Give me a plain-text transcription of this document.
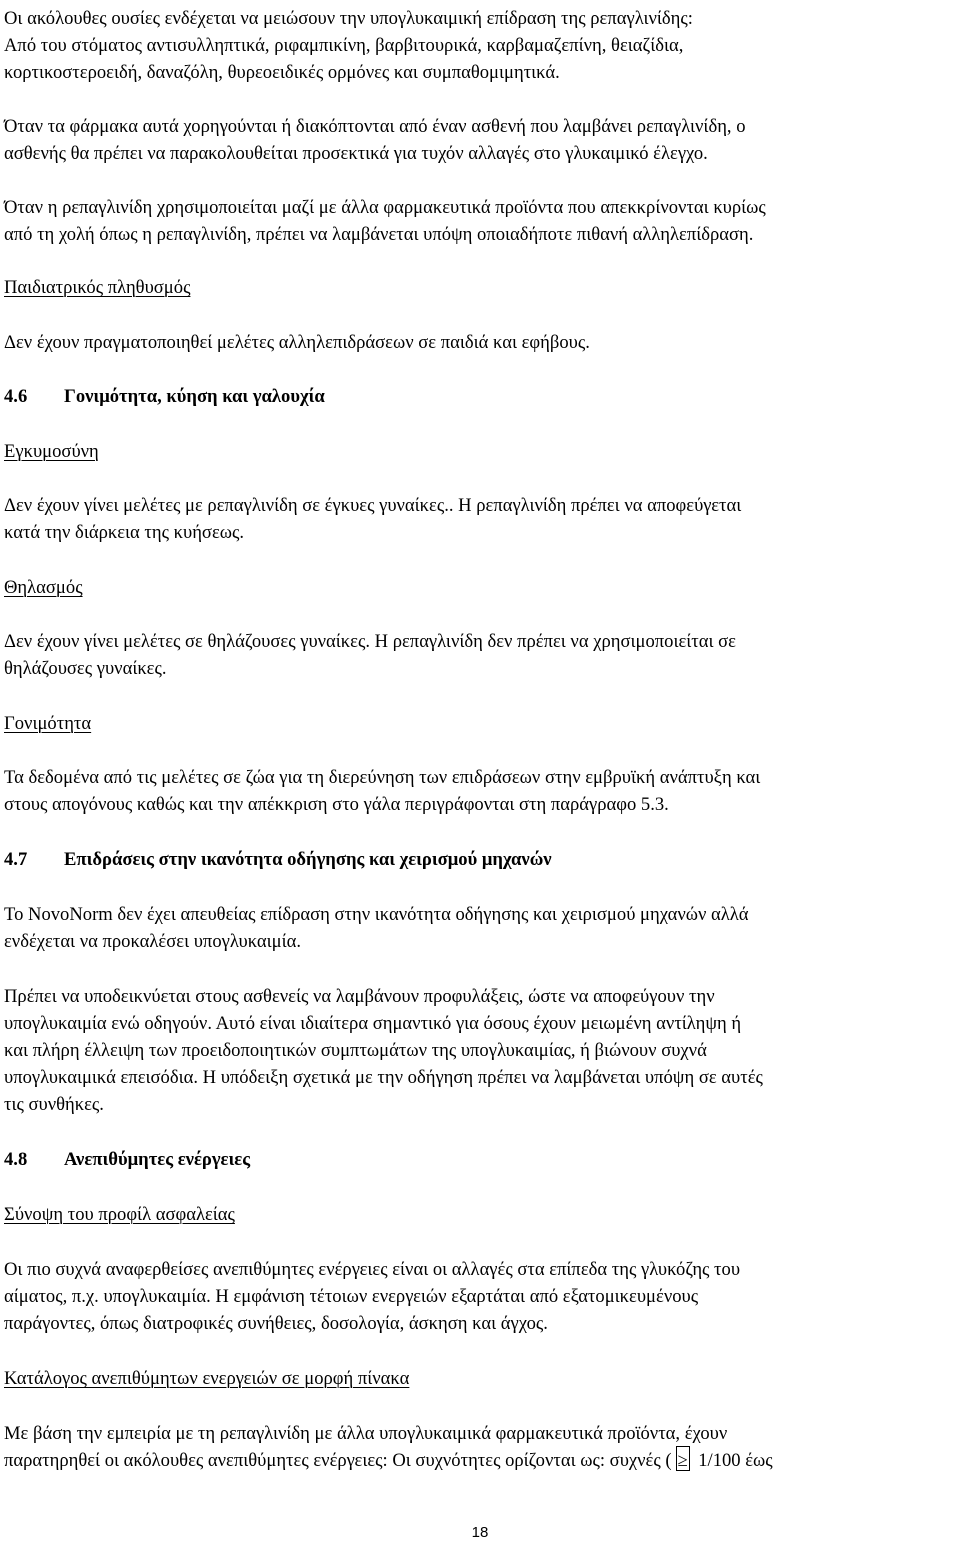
Οι ακόλουθες ουσίες ενδέχεται να μειώσουν την υπογλυκαιμική επίδραση της ρεπαγλινίδης:

Από του στόματος αντισυλληπτικά, ριφαμπικίνη, βαρβιτουρικά, καρβαμαζεπίνη, θειαζίδια,

κορτικοστεροειδή, δαναζόλη, θυρεοειδικές ορμόνες και συμπαθομιμητικά.

Όταν τα φάρμακα αυτά χορηγούνται ή διακόπτονται από έναν ασθενή που λαμβάνει ρεπαγλινίδη, ο

ασθενής θα πρέπει να παρακολουθείται προσεκτικά για τυχόν αλλαγές στο γλυκαιμικό έλεγχο.

Όταν η ρεπαγλινίδη χρησιμοποιείται μαζί με άλλα φαρμακευτικά προϊόντα που απεκκρίνονται κυρίως

από τη χολή όπως η ρεπαγλινίδη, πρέπει να λαμβάνεται υπόψη οποιαδήποτε πιθανή αλληλεπίδραση.

Παιδιατρικός πληθυσμός

Δεν έχουν πραγματοποιηθεί μελέτες αλληλεπιδράσεων σε παιδιά και εφήβους.

4.6 Γονιμότητα, κύηση και γαλουχία

Εγκυμοσύνη

Δεν έχουν γίνει μελέτες με ρεπαγλινίδη σε έγκυες γυναίκες.. Η ρεπαγλινίδη πρέπει να αποφεύγεται

κατά την διάρκεια της κυήσεως.

Θηλασμός

Δεν έχουν γίνει μελέτες σε θηλάζουσες γυναίκες. Η ρεπαγλινίδη δεν πρέπει να χρησιμοποιείται σε

θηλάζουσες γυναίκες.

Γονιμότητα

Τα δεδομένα από τις μελέτες σε ζώα για τη διερεύνηση των επιδράσεων στην εμβρυϊκή ανάπτυξη και

στους απογόνους καθώς και την απέκκριση στο γάλα περιγράφονται στη παράγραφο 5.3.

4.7 Επιδράσεις στην ικανότητα οδήγησης και χειρισμού μηχανών

Το NovoNorm δεν έχει απευθείας επίδραση στην ικανότητα οδήγησης και χειρισμού μηχανών αλλά

ενδέχεται να προκαλέσει υπογλυκαιμία.

Πρέπει να υποδεικνύεται στους ασθενείς να λαμβάνουν προφυλάξεις, ώστε να αποφεύγουν την

υπογλυκαιμία ενώ οδηγούν. Αυτό είναι ιδιαίτερα σημαντικό για όσους έχουν μειωμένη αντίληψη ή

και πλήρη έλλειψη των προειδοποιητικών συμπτωμάτων της υπογλυκαιμίας, ή βιώνουν συχνά

υπογλυκαιμικά επεισόδια. Η υπόδειξη σχετικά με την οδήγηση πρέπει να λαμβάνεται υπόψη σε αυτές

τις συνθήκες.

4.8 Ανεπιθύμητες ενέργειες

Σύνοψη του προφίλ ασφαλείας

Οι πιο συχνά αναφερθείσες ανεπιθύμητες ενέργειες είναι οι αλλαγές στα επίπεδα της γλυκόζης του

αίματος, π.χ. υπογλυκαιμία. Η εμφάνιση τέτοιων ενεργειών εξαρτάται από εξατομικευμένους

παράγοντες, όπως διατροφικές συνήθειες, δοσολογία, άσκηση και άγχος.

Κατάλογος ανεπιθύμητων ενεργειών σε μορφή πίνακα

Με βάση την εμπειρία με τη ρεπαγλινίδη με άλλα υπογλυκαιμικά φαρμακευτικά προϊόντα, έχουν

παρατηρηθεί οι ακόλουθες ανεπιθύμητες ενέργειες: Οι συχνότητες ορίζονται ως: συχνές ( ≥ 1/100 έως

18
